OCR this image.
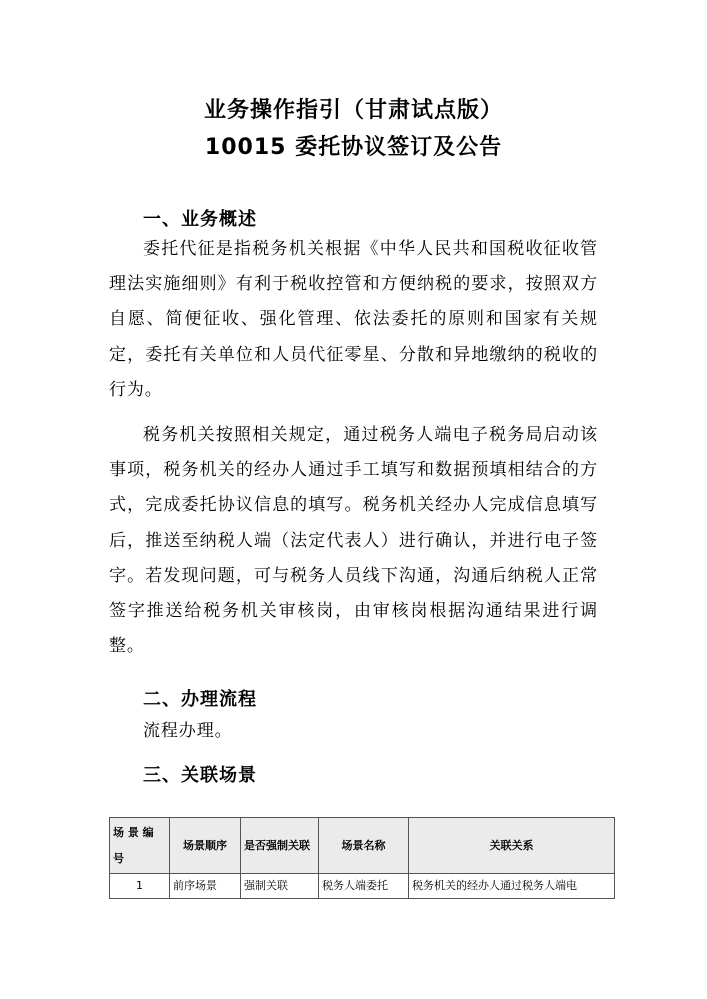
业务操作指引（甘肃试点版）
10015 委托协议签订及公告
一、业务概述

委托代征是指税务机关根据《中华人民共和国税收征收管理法实施细则》有利于税收控管和方便纳税的要求，按照双方自愿、简便征收、强化管理、依法委托的原则和国家有关规定，委托有关单位和人员代征零星、分散和异地缴纳的税收的行为。

税务机关按照相关规定，通过税务人端电子税务局启动该事项，税务机关的经办人通过手工填写和数据预填相结合的方式，完成委托协议信息的填写。税务机关经办人完成信息填写后，推送至纳税人端（法定代表人）进行确认，并进行电子签字。若发现问题，可与税务人员线下沟通，沟通后纳税人正常签字推送给税务机关审核岗，由审核岗根据沟通结果进行调整。

二、办理流程

流程办理。

三、关联场景
场 景 编 号	场景顺序	是否强制关联	场景名称	关联关系
1	前序场景	强制关联	税务人端委托	税务机关的经办人通过税务人端电
